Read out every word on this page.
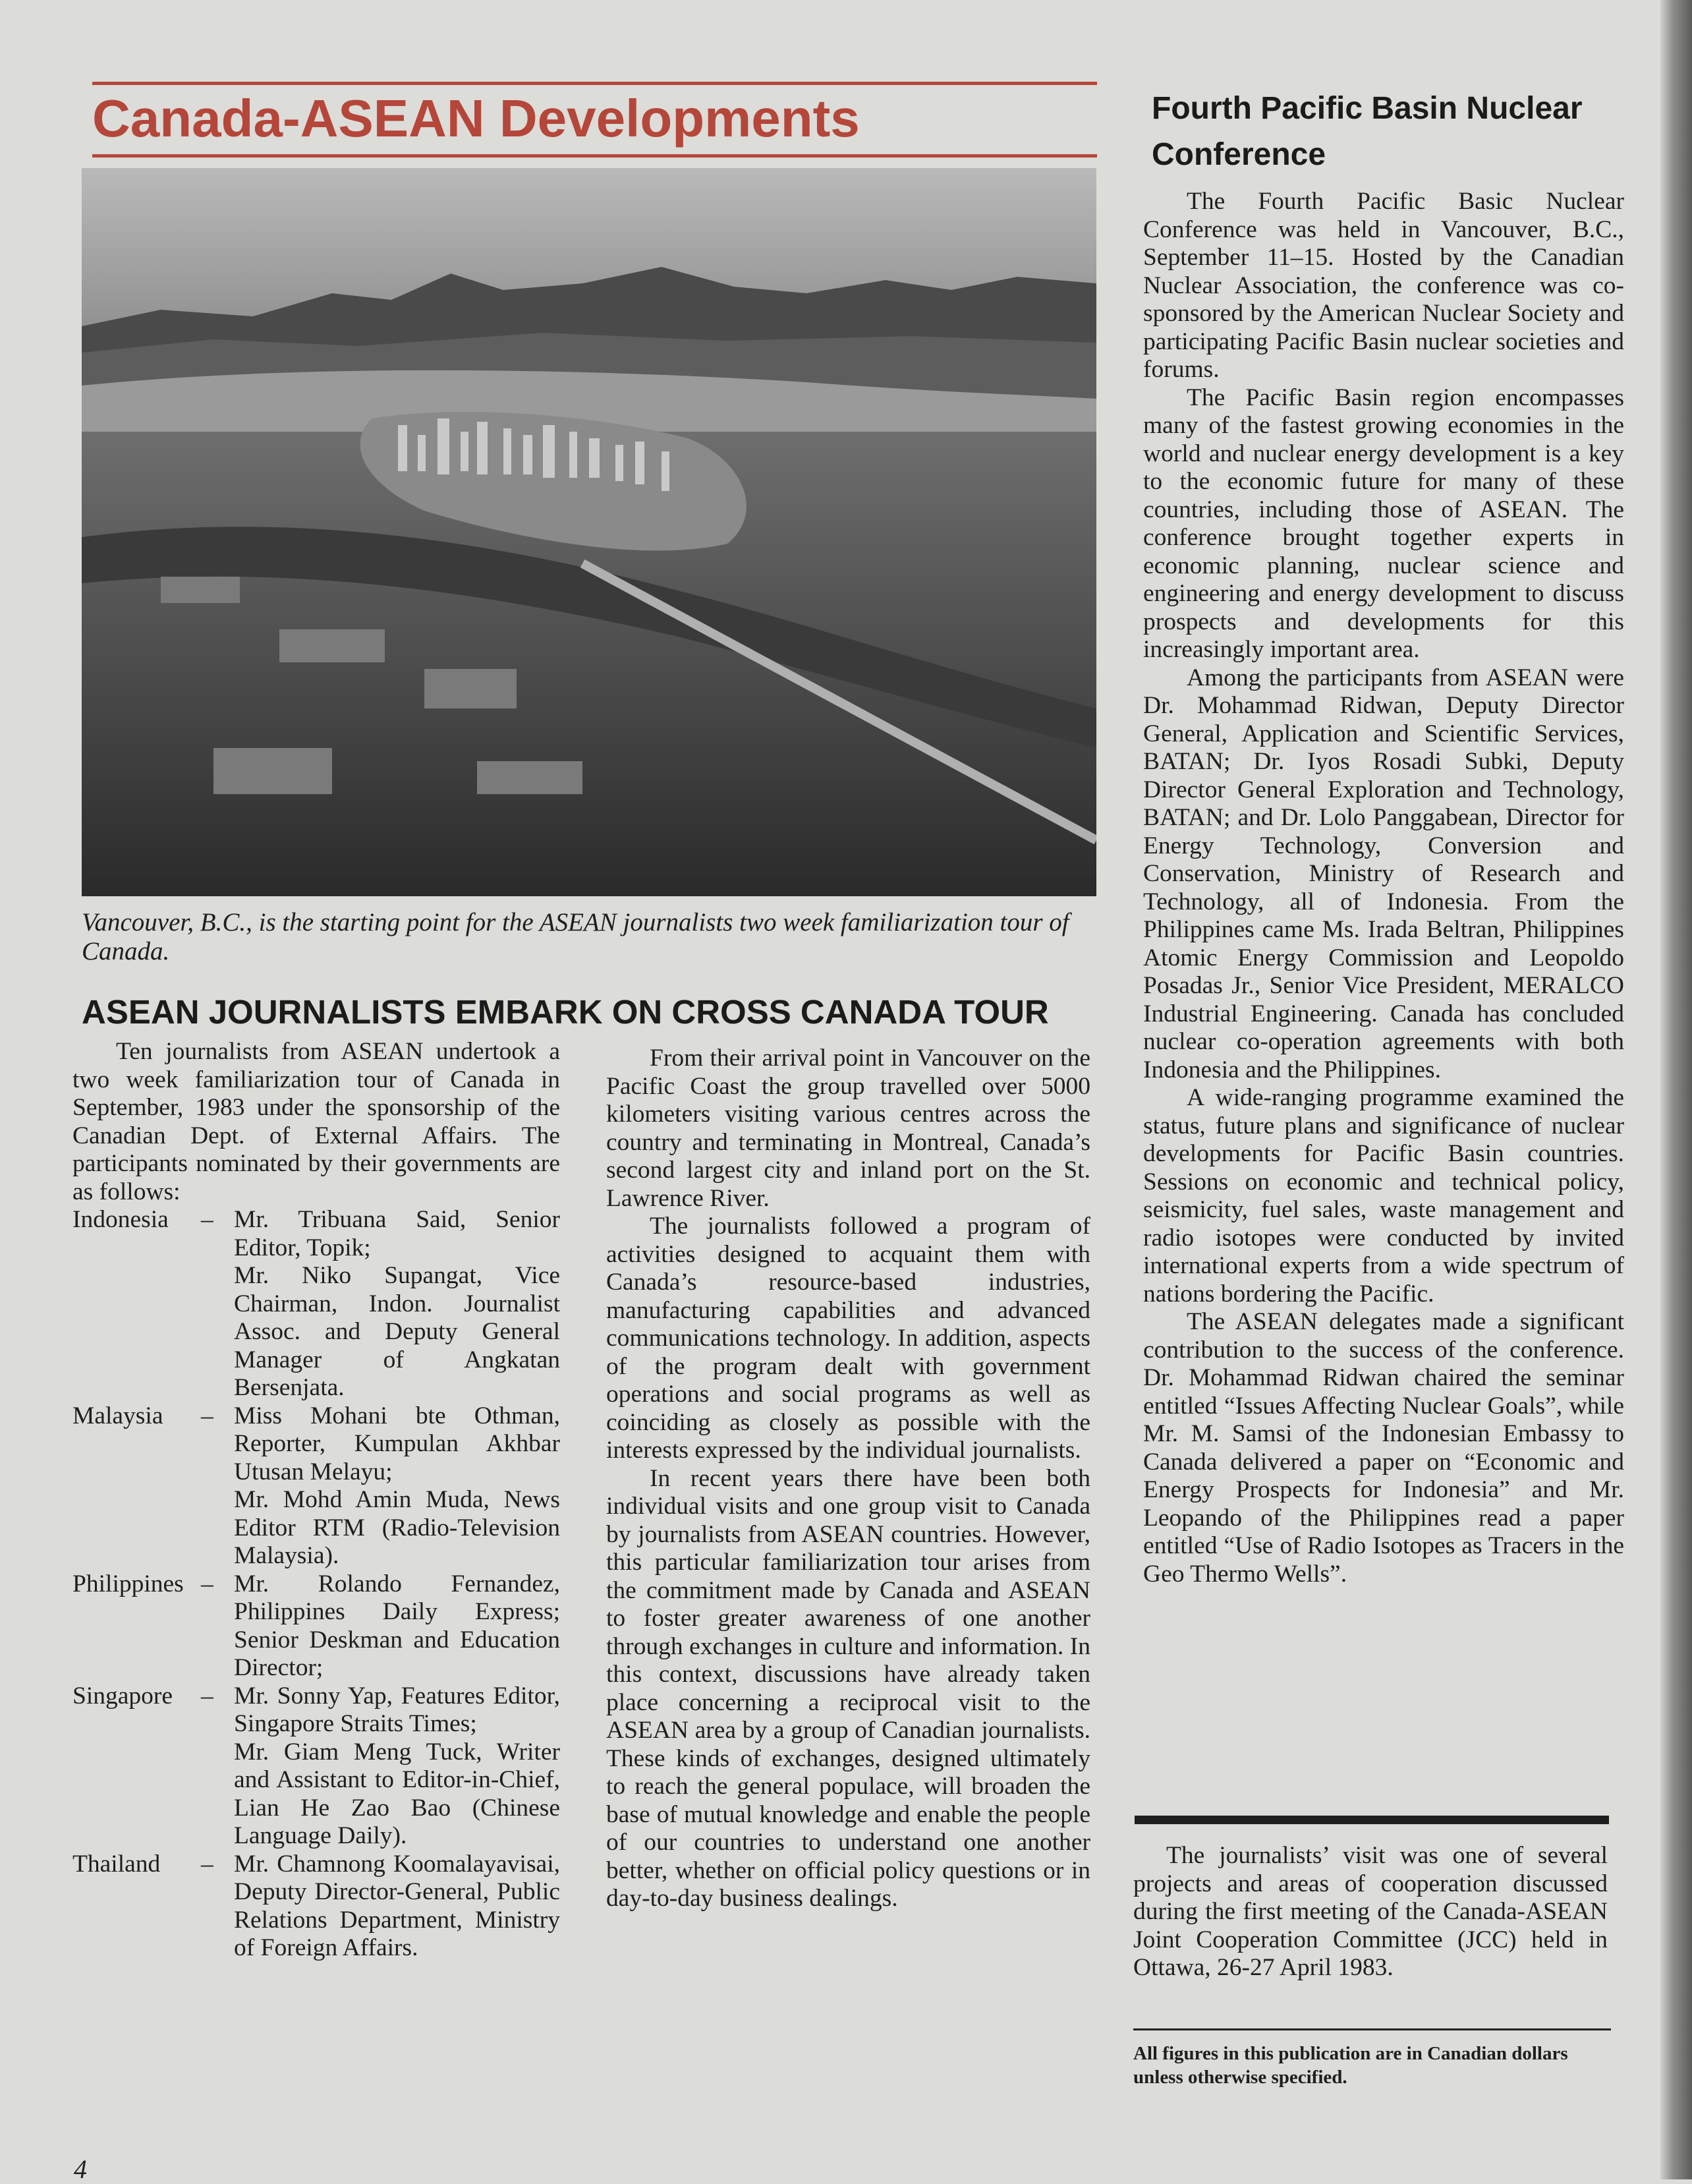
Canada-ASEAN Developments

Vancouver, B.C., is the starting point for the ASEAN journalists two week familiarization tour of Canada.

ASEAN JOURNALISTS EMBARK ON CROSS CANADA TOUR

Ten journalists from ASEAN undertook a two week familiarization tour of Canada in September, 1983 under the sponsorship of the Canadian Dept. of External Affairs. The participants nominated by their governments are as follows:

Indonesia	– Mr. Tribuana Said, Senior Editor, Topik;
Mr. Niko Supangat, Vice Chairman, Indon. Journalist Assoc. and Deputy General Manager of Angkatan Bersenjata.
Malaysia	– Miss Mohani bte Othman, Reporter, Kumpulan Akhbar Utusan Melayu;
Mr. Mohd Amin Muda, News Editor RTM (Radio-Television Malaysia).
Philippines – Mr. Rolando Fernandez, Philippines Daily Express; Senior Deskman and Education Director;
Singapore	– Mr. Sonny Yap, Features Editor, Singapore Straits Times;
Mr. Giam Meng Tuck, Writer and Assistant to Editor-in-Chief, Lian He Zao Bao (Chinese Language Daily).
Thailand	– Mr. Chamnong Koomalayavisai, Deputy Director-General, Public Relations Department, Ministry of Foreign Affairs.

From their arrival point in Vancouver on the Pacific Coast the group travelled over 5000 kilometers visiting various centres across the country and terminating in Montreal, Canada’s second largest city and inland port on the St. Lawrence River.

The journalists followed a program of activities designed to acquaint them with Canada’s resource-based industries, manufacturing capabilities and advanced communications technology. In addition, aspects of the program dealt with government operations and social programs as well as coinciding as closely as possible with the interests expressed by the individual journalists.

In recent years there have been both individual visits and one group visit to Canada by journalists from ASEAN countries. However, this particular familiarization tour arises from the commitment made by Canada and ASEAN to foster greater awareness of one another through exchanges in culture and information. In this context, discussions have already taken place concerning a reciprocal visit to the ASEAN area by a group of Canadian journalists. These kinds of exchanges, designed ultimately to reach the general populace, will broaden the base of mutual knowledge and enable the people of our countries to understand one another better, whether on official policy questions or in day-to-day business dealings.

Fourth Pacific Basin Nuclear Conference

The Fourth Pacific Basic Nuclear Conference was held in Vancouver, B.C., September 11–15. Hosted by the Canadian Nuclear Association, the conference was co-sponsored by the American Nuclear Society and participating Pacific Basin nuclear societies and forums.

The Pacific Basin region encompasses many of the fastest growing economies in the world and nuclear energy development is a key to the economic future for many of these countries, including those of ASEAN. The conference brought together experts in economic planning, nuclear science and engineering and energy development to discuss prospects and developments for this increasingly important area.

Among the participants from ASEAN were Dr. Mohammad Ridwan, Deputy Director General, Application and Scientific Services, BATAN; Dr. Iyos Rosadi Subki, Deputy Director General Exploration and Technology, BATAN; and Dr. Lolo Panggabean, Director for Energy Technology, Conversion and Conservation, Ministry of Research and Technology, all of Indonesia. From the Philippines came Ms. Irada Beltran, Philippines Atomic Energy Commission and Leopoldo Posadas Jr., Senior Vice President, MERALCO Industrial Engineering. Canada has concluded nuclear co-operation agreements with both Indonesia and the Philippines.

A wide-ranging programme examined the status, future plans and significance of nuclear developments for Pacific Basin countries. Sessions on economic and technical policy, seismicity, fuel sales, waste management and radio isotopes were conducted by invited international experts from a wide spectrum of nations bordering the Pacific.

The ASEAN delegates made a significant contribution to the success of the conference. Dr. Mohammad Ridwan chaired the seminar entitled “Issues Affecting Nuclear Goals”, while Mr. M. Samsi of the Indonesian Embassy to Canada delivered a paper on “Economic and Energy Prospects for Indonesia” and Mr. Leopando of the Philippines read a paper entitled “Use of Radio Isotopes as Tracers in the Geo Thermo Wells”.

The journalists’ visit was one of several projects and areas of cooperation discussed during the first meeting of the Canada-ASEAN Joint Cooperation Committee (JCC) held in Ottawa, 26-27 April 1983.

All figures in this publication are in Canadian dollars unless otherwise specified.

4
